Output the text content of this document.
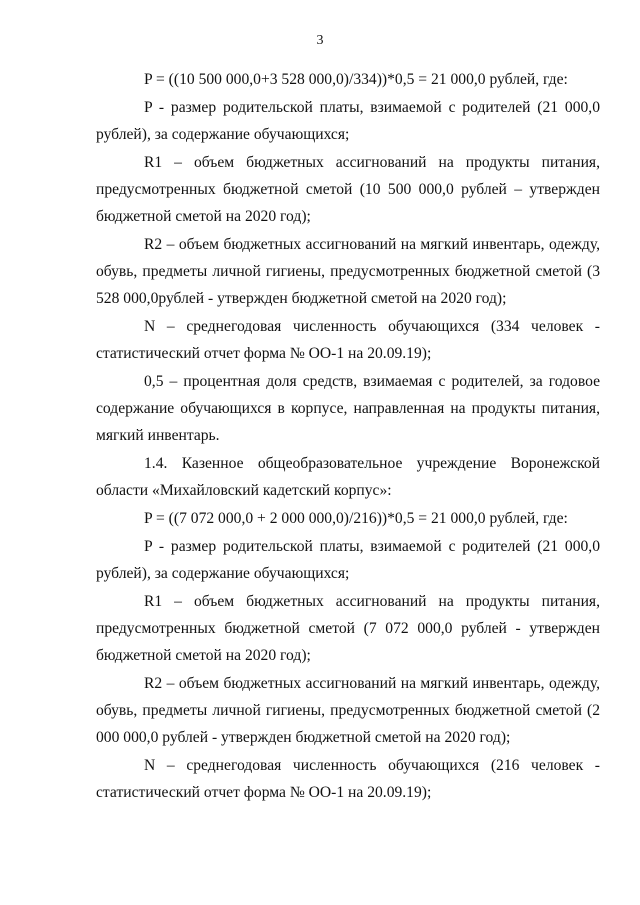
3

P = ((10 500 000,0+3 528 000,0)/334))*0,5 = 21 000,0 рублей, где:

P - размер родительской платы, взимаемой с родителей (21 000,0 рублей), за содержание обучающихся;

R1 – объем бюджетных ассигнований на продукты питания, предусмотренных бюджетной сметой (10 500 000,0 рублей – утвержден бюджетной сметой на 2020 год);

R2 – объем бюджетных ассигнований на мягкий инвентарь, одежду, обувь, предметы личной гигиены, предусмотренных бюджетной сметой (3 528 000,0рублей - утвержден бюджетной сметой на 2020 год);

N – среднегодовая численность обучающихся (334 человек - статистический отчет форма № ОО-1 на 20.09.19);

0,5 – процентная доля средств, взимаемая с родителей, за годовое содержание обучающихся в корпусе, направленная на продукты питания, мягкий инвентарь.

1.4. Казенное общеобразовательное учреждение Воронежской области «Михайловский кадетский корпус»:

P = ((7 072 000,0 + 2 000 000,0)/216))*0,5 = 21 000,0 рублей, где:

P - размер родительской платы, взимаемой с родителей (21 000,0 рублей), за содержание обучающихся;

R1 – объем бюджетных ассигнований на продукты питания, предусмотренных бюджетной сметой (7 072 000,0 рублей - утвержден бюджетной сметой на 2020 год);

R2 – объем бюджетных ассигнований на мягкий инвентарь, одежду, обувь, предметы личной гигиены, предусмотренных бюджетной сметой (2 000 000,0 рублей - утвержден бюджетной сметой на 2020 год);

N – среднегодовая численность обучающихся (216 человек - статистический отчет форма № ОО-1 на 20.09.19);
